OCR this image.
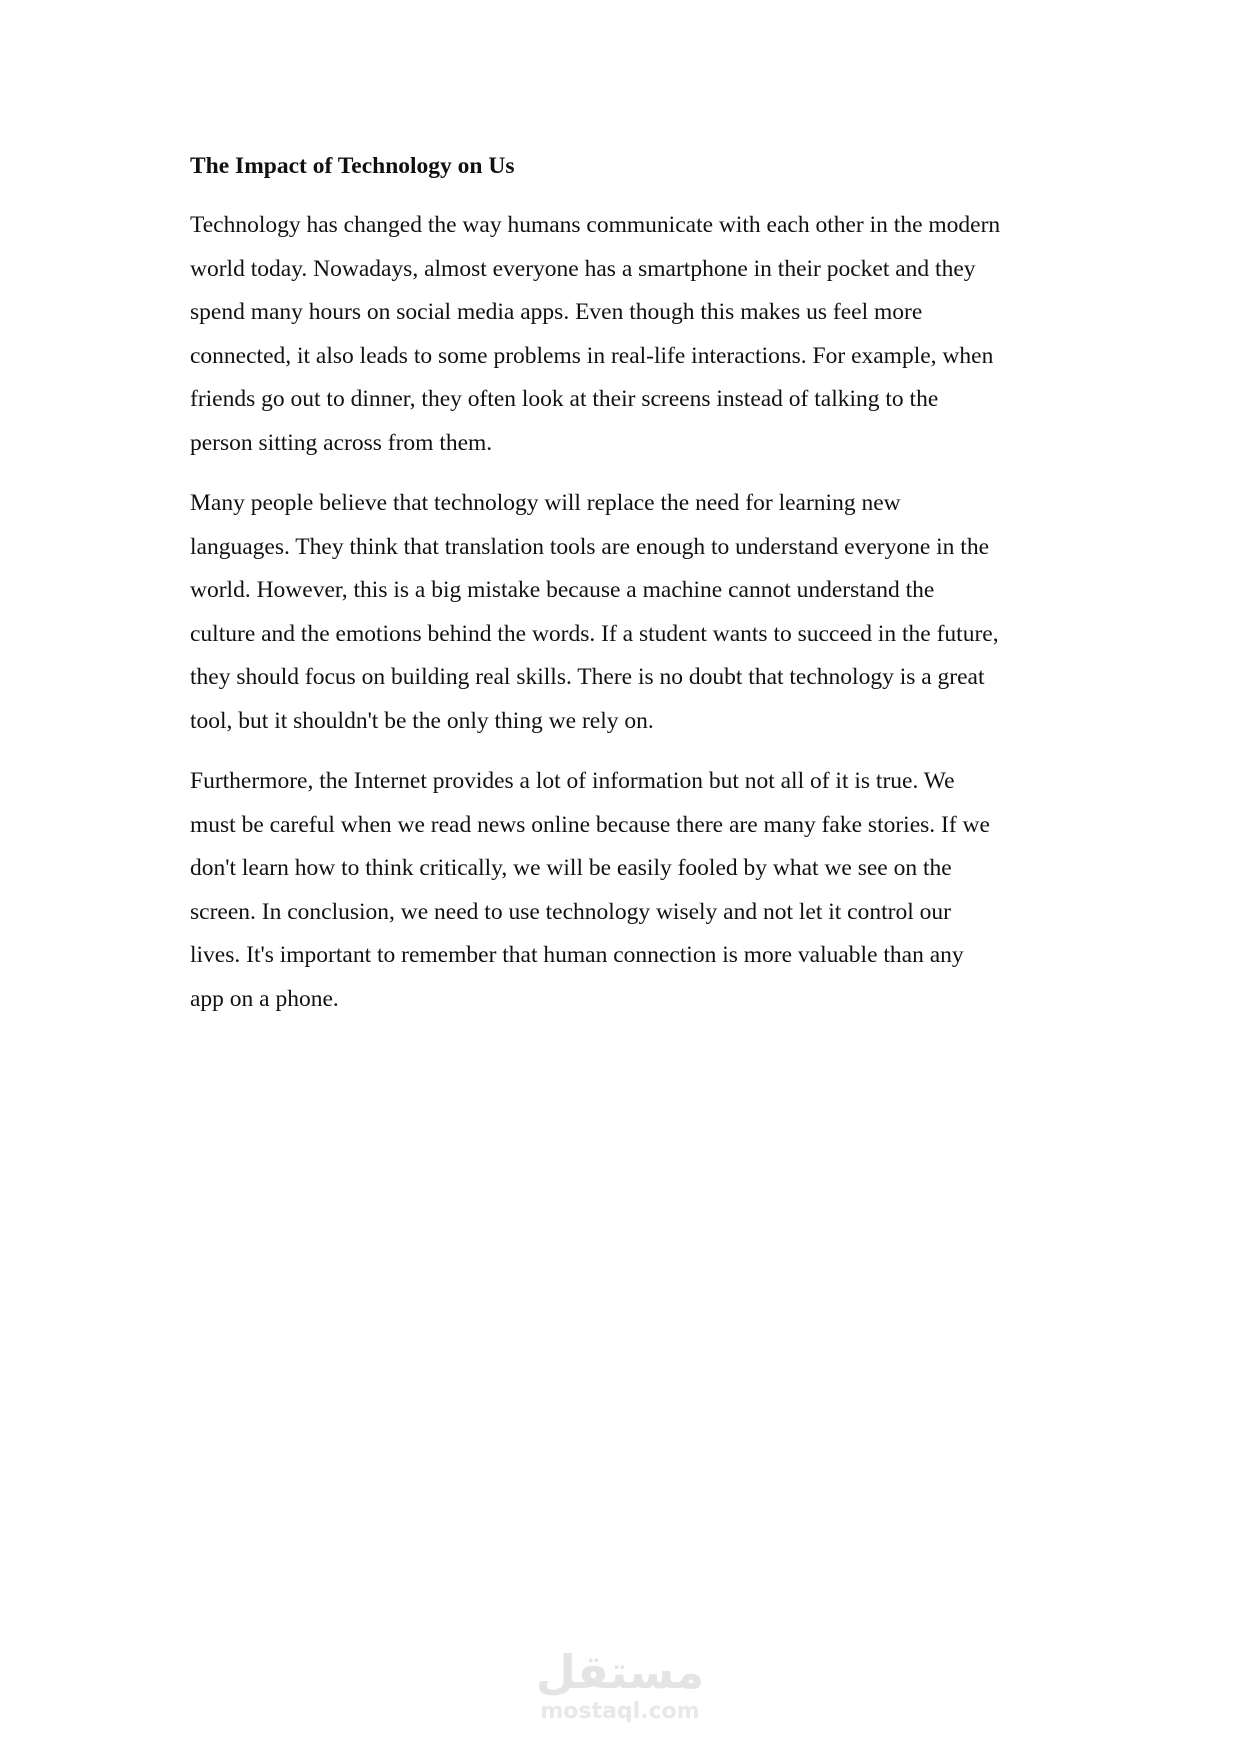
The Impact of Technology on Us

Technology has changed the way humans communicate with each other in the modern
world today. Nowadays, almost everyone has a smartphone in their pocket and they
spend many hours on social media apps. Even though this makes us feel more
connected, it also leads to some problems in real-life interactions. For example, when
friends go out to dinner, they often look at their screens instead of talking to the
person sitting across from them.

Many people believe that technology will replace the need for learning new
languages. They think that translation tools are enough to understand everyone in the
world. However, this is a big mistake because a machine cannot understand the
culture and the emotions behind the words. If a student wants to succeed in the future,
they should focus on building real skills. There is no doubt that technology is a great
tool, but it shouldn't be the only thing we rely on.

Furthermore, the Internet provides a lot of information but not all of it is true. We
must be careful when we read news online because there are many fake stories. If we
don't learn how to think critically, we will be easily fooled by what we see on the
screen. In conclusion, we need to use technology wisely and not let it control our
lives. It's important to remember that human connection is more valuable than any
app on a phone.

مستقل
mostaql.com
